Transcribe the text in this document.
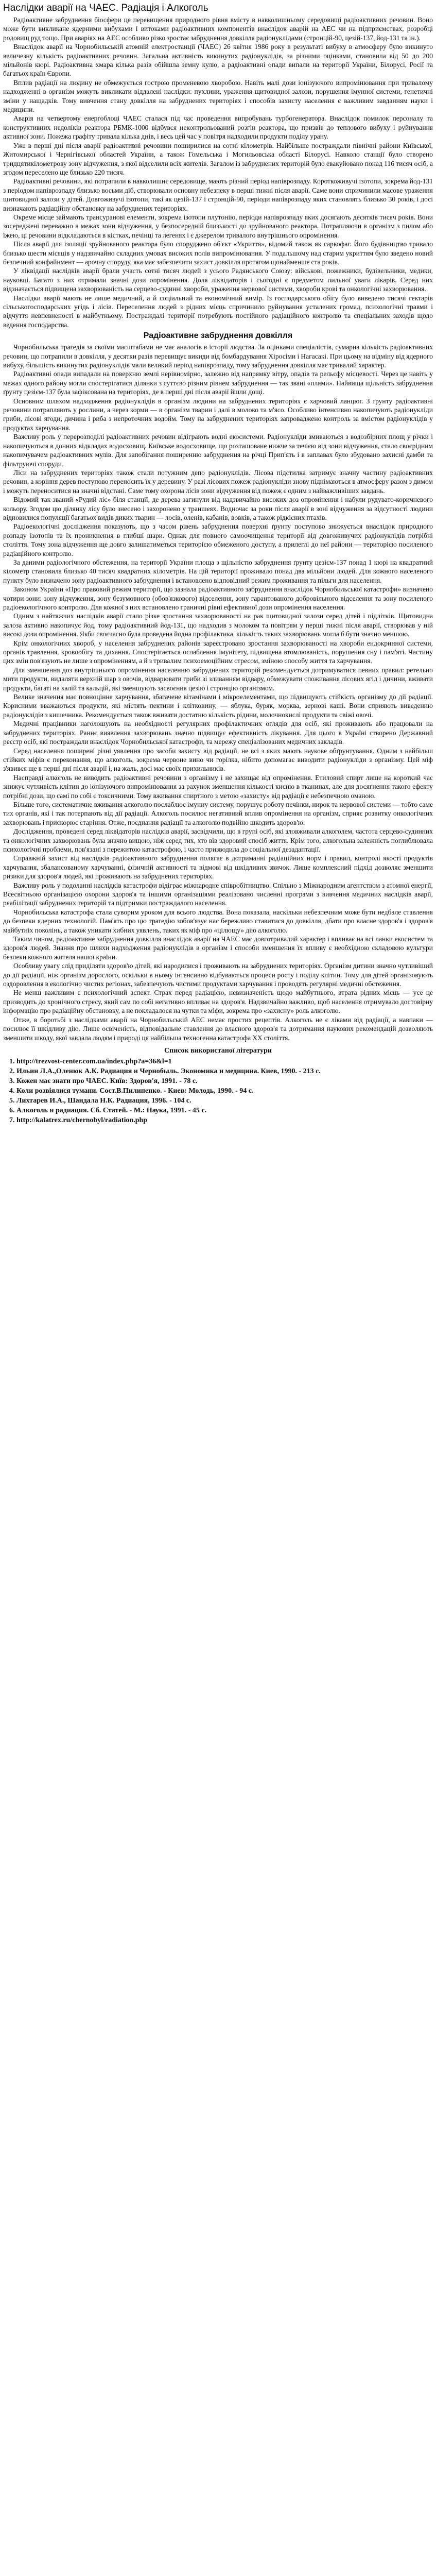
Наслідки аварії на ЧАЕС. Радіація і Алкоголь

Радіоактивне забруднення біосфери це перевищення природного рівня вмісту в навколишньому середовищі радіоактивних речовин. Воно може бути викликане ядерними вибухами і витоками радіоактивних компонентів внаслідок аварій на АЕС чи на підприємствах, розробці родовищ руд тощо. При аваріях на АЕС особливо різко зростає забруднення довкілля радіонуклідами (стронцій-90, цезій-137, йод-131 та ін.).

Внаслідок аварії на Чорнобильській атомній електростанції (ЧАЕС) 26 квітня 1986 року в результаті вибуху в атмосферу було викинуто величезну кількість радіоактивних речовин. Загальна активність викинутих радіонуклідів, за різними оцінками, становила від 50 до 200 мільйонів кюрі. Радіоактивна хмара кілька разів обійшла земну кулю, а радіоактивні опади випали на території України, Білорусі, Росії та багатьох країн Європи.

Вплив радіації на людину не обмежується гострою променевою хворобою. Навіть малі дози іонізуючого випромінювання при тривалому надходженні в організм можуть викликати віддалені наслідки: пухлини, ураження щитовидної залози, порушення імунної системи, генетичні зміни у нащадків. Тому вивчення стану довкілля на забруднених територіях і способів захисту населення є важливим завданням науки і медицини.

Аварія на четвертому енергоблоці ЧАЕС сталася під час проведення випробувань турбогенератора. Внаслідок помилок персоналу та конструктивних недоліків реактора РБМК-1000 відбувся неконтрольований розгін реактора, що призвів до теплового вибуху і руйнування активної зони. Пожежа графіту тривала кілька днів, і весь цей час у повітря надходили продукти поділу урану.

Уже в перші дні після аварії радіоактивні речовини поширилися на сотні кілометрів. Найбільше постраждали північні райони Київської, Житомирської і Чернігівської областей України, а також Гомельська і Могильовська області Білорусі. Навколо станції було створено тридцятикілометрову зону відчуження, з якої відселили всіх жителів. Загалом із забруднених територій було евакуйовано понад 116 тисяч осіб, а згодом переселено ще близько 220 тисяч.

Радіоактивні речовини, які потрапили в навколишнє середовище, мають різний період напіврозпаду. Короткоживучі ізотопи, зокрема йод-131 з періодом напіврозпаду близько восьми діб, створювали основну небезпеку в перші тижні після аварії. Саме вони спричинили масове ураження щитовидної залози у дітей. Довгоживучі ізотопи, такі як цезій-137 і стронцій-90, періоди напіврозпаду яких становлять близько 30 років, і досі визначають радіаційну обстановку на забруднених територіях.

Окреме місце займають трансуранові елементи, зокрема ізотопи плутонію, періоди напіврозпаду яких досягають десятків тисяч років. Вони зосереджені переважно в межах зони відчуження, у безпосередній близькості до зруйнованого реактора. Потрапляючи в організм з пилом або їжею, ці речовини відкладаються в кістках, печінці та легенях і є джерелом тривалого внутрішнього опромінення.

Після аварії для ізоляції зруйнованого реактора було споруджено об'єкт «Укриття», відомий також як саркофаг. Його будівництво тривало близько шести місяців у надзвичайно складних умовах високих полів випромінювання. У подальшому над старим укриттям було зведено новий безпечний конфайнмент — арочну споруду, яка має забезпечити захист довкілля протягом щонайменше ста років.

У ліквідації наслідків аварії брали участь сотні тисяч людей з усього Радянського Союзу: військові, пожежники, будівельники, медики, науковці. Багато з них отримали значні дози опромінення. Доля ліквідаторів і сьогодні є предметом пильної уваги лікарів. Серед них відзначається підвищена захворюваність на серцево-судинні хвороби, ураження нервової системи, хвороби крові та онкологічні захворювання.

Наслідки аварії мають не лише медичний, а й соціальний та економічний вимір. Із господарського обігу було виведено тисячі гектарів сільськогосподарських угідь і лісів. Переселення людей з рідних місць спричинило руйнування усталених громад, психологічні травми і відчуття невпевненості в майбутньому. Постраждалі території потребують постійного радіаційного контролю та спеціальних заходів щодо ведення господарства.

Радіоактивне забруднення довкілля

Чорнобильська трагедія за своїми масштабами не має аналогів в історії людства. За оцінками спеціалістів, сумарна кількість радіоактивних речовин, що потрапили в довкілля, у десятки разів перевищує викиди від бомбардування Хіросіми і Нагасакі. При цьому на відміну від ядерного вибуху, більшість викинутих радіонуклідів мали великий період напіврозпаду, тому забруднення довкілля має тривалий характер.

Радіоактивні опади випадали на поверхню землі нерівномірно, залежно від напрямку вітру, опадів та рельєфу місцевості. Через це навіть у межах одного району могли спостерігатися ділянки з суттєво різним рівнем забруднення — так звані «плями». Найвища щільність забруднення ґрунту цезієм-137 була зафіксована на територіях, де в перші дні після аварії йшли дощі.

Основним шляхом надходження радіонуклідів в організм людини на забруднених територіях є харчовий ланцюг. З ґрунту радіоактивні речовини потрапляють у рослини, а через корми — в організм тварин і далі в молоко та м'ясо. Особливо інтенсивно накопичують радіонукліди гриби, лісові ягоди, дичина і риба з непроточних водойм. Тому на забруднених територіях запроваджено контроль за вмістом радіонуклідів у продуктах харчування.

Важливу роль у перерозподілі радіоактивних речовин відіграють водні екосистеми. Радіонукліди змиваються з водозбірних площ у річки і накопичуються в донних відкладах водосховищ. Київське водосховище, що розташоване нижче за течією від зони відчуження, стало своєрідним накопичувачем радіоактивних мулів. Для запобігання поширенню забруднення на річці Прип'ять і в заплавах було збудовано захисні дамби та фільтруючі споруди.

Ліси на забруднених територіях також стали потужним депо радіонуклідів. Лісова підстилка затримує значну частину радіоактивних речовин, а коріння дерев поступово переносить їх у деревину. У разі лісових пожеж радіонукліди знову піднімаються в атмосферу разом з димом і можуть переноситися на значні відстані. Саме тому охорона лісів зони відчуження від пожеж є одним з найважливіших завдань.

Відомий так званий «Рудий ліс» біля станції, де дерева загинули від надзвичайно високих доз опромінення і набули рудувато-коричневого кольору. Згодом цю ділянку лісу було знесено і захоронено у траншеях. Водночас за роки після аварії в зоні відчуження за відсутності людини відновилися популяції багатьох видів диких тварин — лосів, оленів, кабанів, вовків, а також рідкісних птахів.

Радіоекологічні дослідження показують, що з часом рівень забруднення поверхні ґрунту поступово знижується внаслідок природного розпаду ізотопів та їх проникнення в глибші шари. Однак для повного самоочищення території від довгоживучих радіонуклідів потрібні століття. Тому зона відчуження ще довго залишатиметься територією обмеженого доступу, а прилеглі до неї райони — територією посиленого радіаційного контролю.

За даними радіологічного обстеження, на території України площа з щільністю забруднення ґрунту цезієм-137 понад 1 кюрі на квадратний кілометр становила близько 40 тисяч квадратних кілометрів. На цій території проживало понад два мільйони людей. Для кожного населеного пункту було визначено зону радіоактивного забруднення і встановлено відповідний режим проживання та пільги для населення.

Законом України «Про правовий режим території, що зазнала радіоактивного забруднення внаслідок Чорнобильської катастрофи» визначено чотири зони: зону відчуження, зону безумовного (обов'язкового) відселення, зону гарантованого добровільного відселення та зону посиленого радіоекологічного контролю. Для кожної з них встановлено граничні рівні ефективної дози опромінення населення.

Одним з найтяжчих наслідків аварії стало різке зростання захворюваності на рак щитовидної залози серед дітей і підлітків. Щитовидна залоза активно накопичує йод, тому радіоактивний йод-131, що надходив з молоком та повітрям у перші тижні після аварії, створював у ній високі дози опромінення. Якби своєчасно була проведена йодна профілактика, кількість таких захворювань могла б бути значно меншою.

Крім онкологічних хвороб, у населення забруднених районів зареєстровано зростання захворюваності на хвороби ендокринної системи, органів травлення, кровообігу та дихання. Спостерігається ослаблення імунітету, підвищена втомлюваність, порушення сну і пам'яті. Частину цих змін пов'язують не лише з опроміненням, а й з тривалим психоемоційним стресом, зміною способу життя та харчування.

Для зменшення доз внутрішнього опромінення населенню забруднених територій рекомендується дотримуватися певних правил: ретельно мити продукти, видаляти верхній шар з овочів, відварювати гриби зі зливанням відвару, обмежувати споживання лісових ягід і дичини, вживати продукти, багаті на калій та кальцій, які зменшують засвоєння цезію і стронцію організмом.

Велике значення має повноцінне харчування, збагачене вітамінами і мікроелементами, що підвищують стійкість організму до дії радіації. Корисними вважаються продукти, які містять пектини і клітковину, — яблука, буряк, морква, зернові каші. Вони сприяють виведенню радіонуклідів з кишечника. Рекомендується також вживати достатню кількість рідини, молочнокислі продукти та свіжі овочі.

Медичні працівники наголошують на необхідності регулярних профілактичних оглядів для осіб, які проживають або працювали на забруднених територіях. Раннє виявлення захворювань значно підвищує ефективність лікування. Для цього в Україні створено Державний реєстр осіб, які постраждали внаслідок Чорнобильської катастрофи, та мережу спеціалізованих медичних закладів.

Серед населення поширені різні уявлення про засоби захисту від радіації, не всі з яких мають наукове обґрунтування. Одним з найбільш стійких міфів є переконання, що алкоголь, зокрема червоне вино чи горілка, нібито допомагає виводити радіонукліди з організму. Цей міф з'явився ще в перші дні після аварії і, на жаль, досі має своїх прихильників.

Насправді алкоголь не виводить радіоактивні речовини з організму і не захищає від опромінення. Етиловий спирт лише на короткий час знижує чутливість клітин до іонізуючого випромінювання за рахунок зменшення кількості кисню в тканинах, але для досягнення такого ефекту потрібні дози, що самі по собі є токсичними. Тому вживання спиртного з метою «захисту» від радіації є небезпечною оманою.

Більше того, систематичне вживання алкоголю послаблює імунну систему, порушує роботу печінки, нирок та нервової системи — тобто саме тих органів, які і так потерпають від дії радіації. Алкоголь посилює негативний вплив опромінення на організм, сприяє розвитку онкологічних захворювань і прискорює старіння. Отже, поєднання радіації та алкоголю подвійно шкодить здоров'ю.

Дослідження, проведені серед ліквідаторів наслідків аварії, засвідчили, що в групі осіб, які зловживали алкоголем, частота серцево-судинних та онкологічних захворювань була значно вищою, ніж серед тих, хто вів здоровий спосіб життя. Крім того, алкогольна залежність поглиблювала психологічні проблеми, пов'язані з пережитою катастрофою, і часто призводила до соціальної дезадаптації.

Справжній захист від наслідків радіоактивного забруднення полягає в дотриманні радіаційних норм і правил, контролі якості продуктів харчування, збалансованому харчуванні, фізичній активності та відмові від шкідливих звичок. Лише комплексний підхід дозволяє зменшити ризики для здоров'я людей, які проживають на забруднених територіях.

Важливу роль у подоланні наслідків катастрофи відіграє міжнародне співробітництво. Спільно з Міжнародним агентством з атомної енергії, Всесвітньою організацією охорони здоров'я та іншими організаціями реалізовано численні програми з вивчення медичних наслідків аварії, реабілітації забруднених територій та підтримки постраждалого населення.

Чорнобильська катастрофа стала суворим уроком для всього людства. Вона показала, наскільки небезпечним може бути недбале ставлення до безпеки ядерних технологій. Пам'ять про цю трагедію зобов'язує нас бережливо ставитися до довкілля, дбати про власне здоров'я і здоров'я майбутніх поколінь, а також уникати хибних уявлень, таких як міф про «цілющу» дію алкоголю.

Таким чином, радіоактивне забруднення довкілля внаслідок аварії на ЧАЕС має довготривалий характер і впливає на всі ланки екосистем та здоров'я людей. Знання про шляхи надходження радіонуклідів в організм і способи зменшення їх впливу є необхідною складовою культури безпеки кожного жителя нашої країни.

Особливу увагу слід приділяти здоров'ю дітей, які народилися і проживають на забруднених територіях. Організм дитини значно чутливіший до дії радіації, ніж організм дорослого, оскільки в ньому інтенсивно відбуваються процеси росту і поділу клітин. Тому для дітей організовують оздоровлення в екологічно чистих регіонах, забезпечують чистими продуктами харчування і проводять регулярні медичні обстеження.

Не менш важливим є психологічний аспект. Страх перед радіацією, невизначеність щодо майбутнього, втрата рідних місць — усе це призводить до хронічного стресу, який сам по собі негативно впливає на здоров'я. Надзвичайно важливо, щоб населення отримувало достовірну інформацію про радіаційну обстановку, а не покладалося на чутки та міфи, зокрема про «захисну» роль алкоголю.

Отже, в боротьбі з наслідками аварії на Чорнобильській АЕС немає простих рецептів. Алкоголь не є ліками від радіації, а навпаки — посилює її шкідливу дію. Лише освіченість, відповідальне ставлення до власного здоров'я та дотримання наукових рекомендацій дозволяють зменшити шкоду, якої завдала людям і природі ця найбільша техногенна катастрофа ХХ століття.

Список використаної літератури
1. http://trezvost-center.com.ua/index.php?a=36&l=1
2. Ильин Л.А.,Оленюк А.К. Радиация и Чернобыль. Экономика и медицина. Киев, 1990. - 213 с.
3. Кожен має знати про ЧАЕС. Київ: Здоров'я, 1991. - 78 с.
4. Коли розвіялися тумани. Сост.В.Пилипенко. - Киев: Молодь, 1990. - 94 с.
5. Лихтарев И.А., Шандала Н.К. Радиация, 1996. - 104 с.
6. Алкоголь и радиация. Сб. Статей. - М.: Наука, 1991. - 45 с.
7. http://kalatrex.ru/chernobyl/radiation.php
